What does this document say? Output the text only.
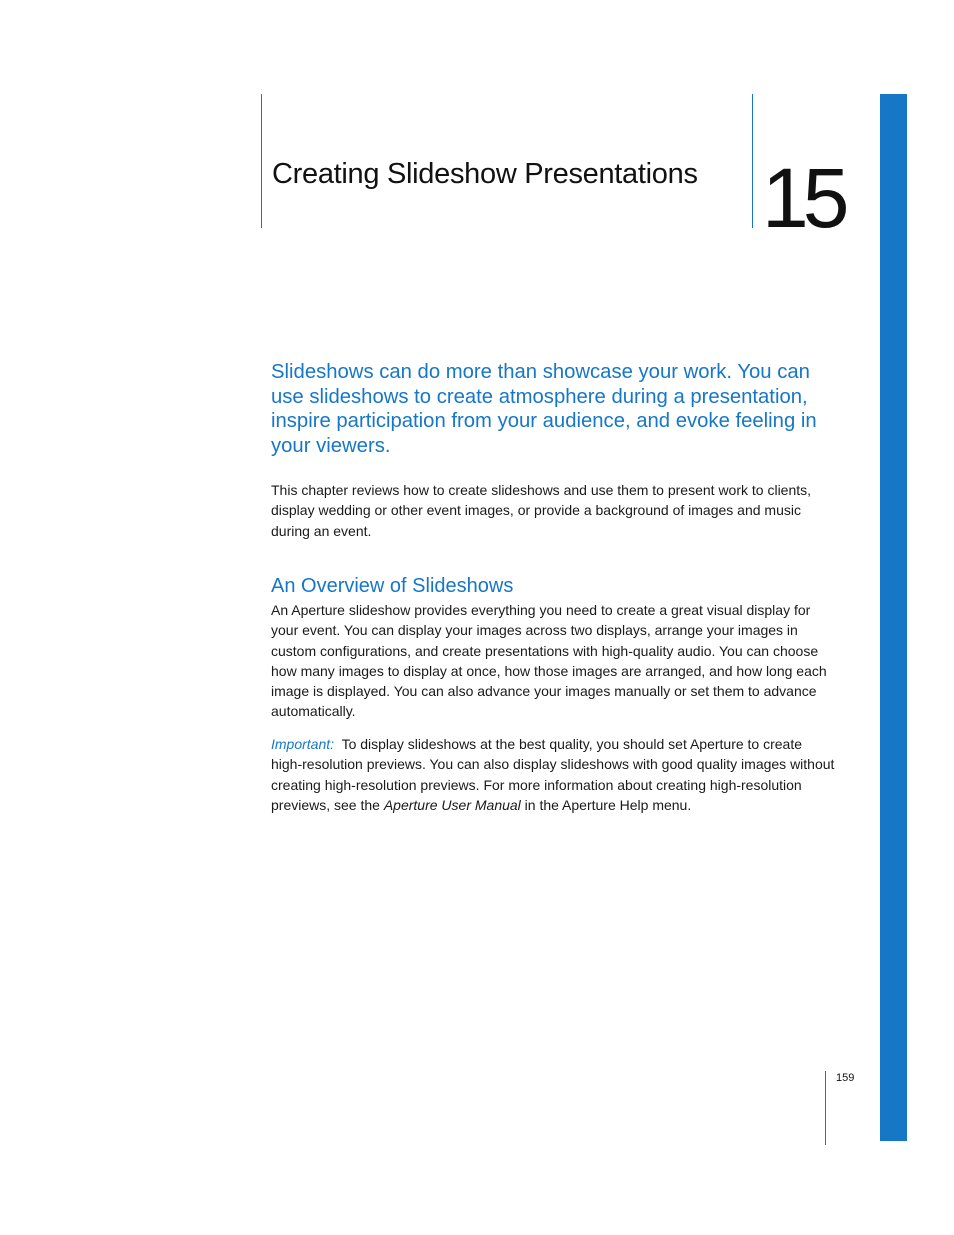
Creating Slideshow Presentations 15

Slideshows can do more than showcase your work. You can use slideshows to create atmosphere during a presentation, inspire participation from your audience, and evoke feeling in your viewers.

This chapter reviews how to create slideshows and use them to present work to clients, display wedding or other event images, or provide a background of images and music during an event.

An Overview of Slideshows

An Aperture slideshow provides everything you need to create a great visual display for your event. You can display your images across two displays, arrange your images in custom configurations, and create presentations with high-quality audio. You can choose how many images to display at once, how those images are arranged, and how long each image is displayed. You can also advance your images manually or set them to advance automatically.

Important: To display slideshows at the best quality, you should set Aperture to create high-resolution previews. You can also display slideshows with good quality images without creating high-resolution previews. For more information about creating high-resolution previews, see the Aperture User Manual in the Aperture Help menu.

159
